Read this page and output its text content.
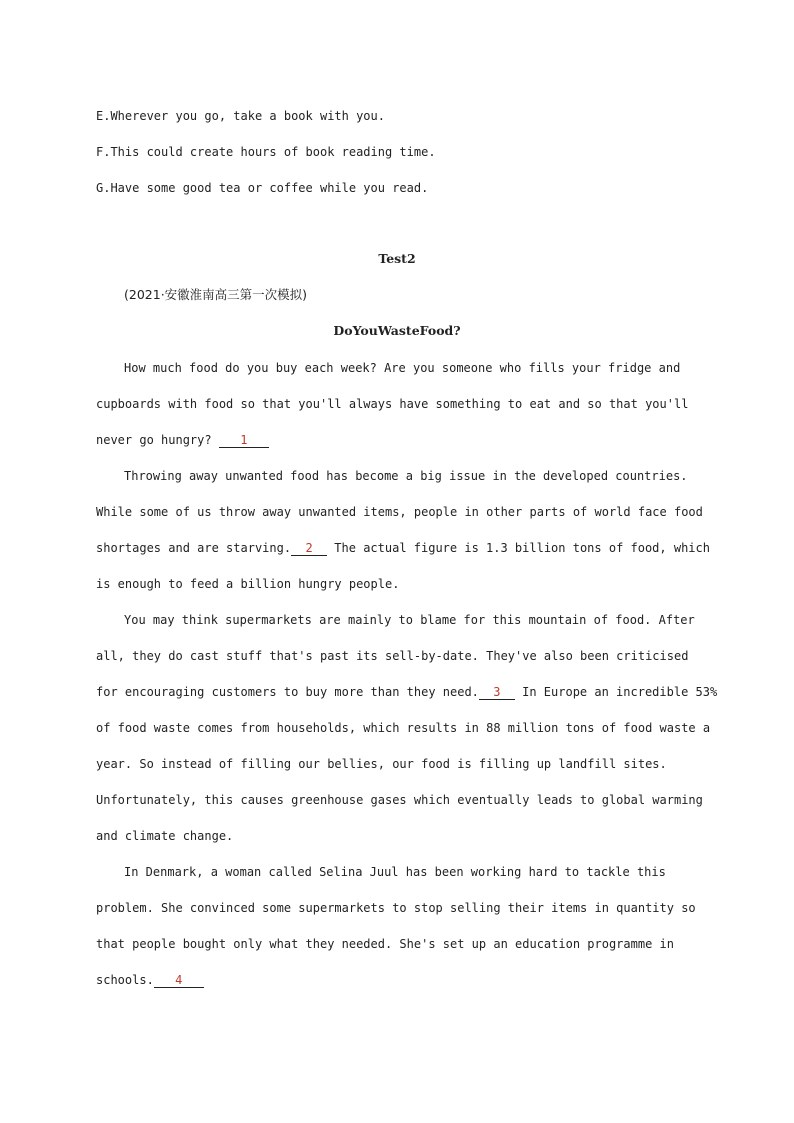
E.Wherever you go, take a book with you.
F.This could create hours of book reading time.
G.Have some good tea or coffee while you read.
Test2
(2021·安徽淮南高三第一次模拟)
DoYouWasteFood?
How much food do you buy each week? Are you someone who fills your fridge and
cupboards with food so that you'll always have something to eat and so that you'll
never go hungry? 1
Throwing away unwanted food has become a big issue in the developed countries.
While some of us throw away unwanted items, people in other parts of world face food
shortages and are starving. 2 The actual figure is 1.3 billion tons of food, which
is enough to feed a billion hungry people.
You may think supermarkets are mainly to blame for this mountain of food. After
all, they do cast stuff that's past its sell-by-date. They've also been criticised
for encouraging customers to buy more than they need. 3 In Europe an incredible 53%
of food waste comes from households, which results in 88 million tons of food waste a
year. So instead of filling our bellies, our food is filling up landfill sites.
Unfortunately, this causes greenhouse gases which eventually leads to global warming
and climate change.
In Denmark, a woman called Selina Juul has been working hard to tackle this
problem. She convinced some supermarkets to stop selling their items in quantity so
that people bought only what they needed. She's set up an education programme in
schools. 4
